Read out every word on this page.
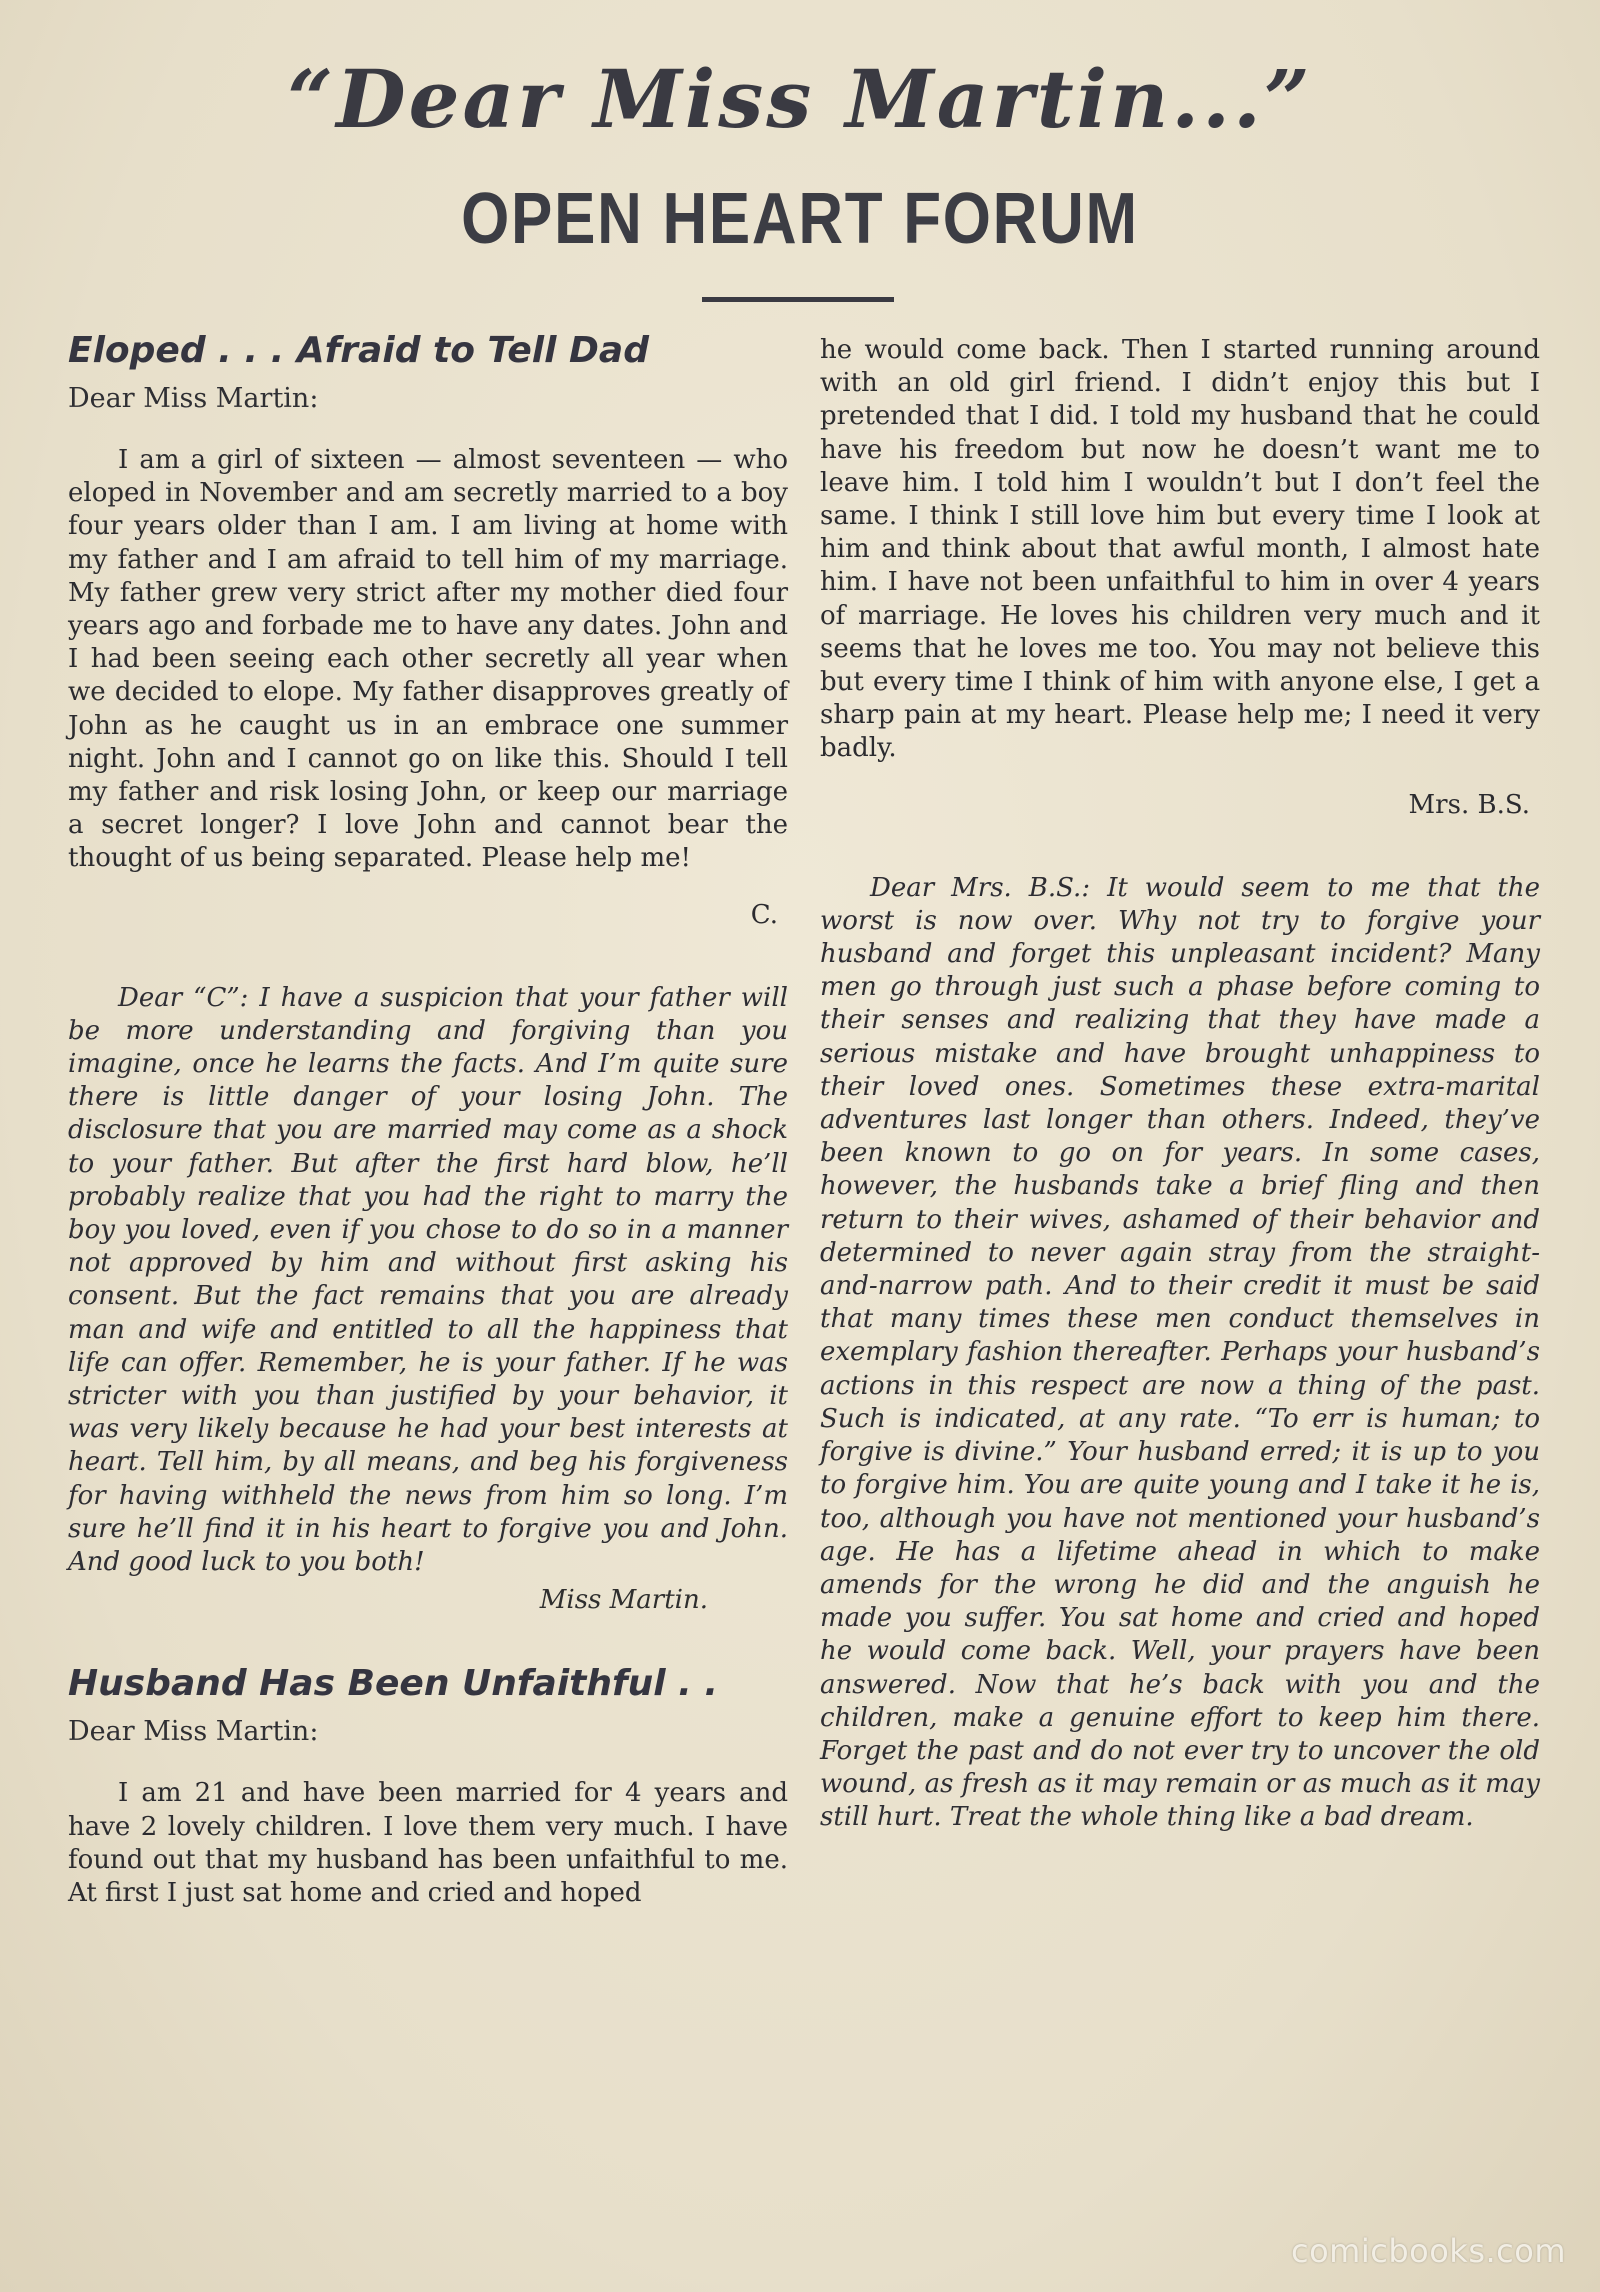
“Dear Miss Martin...”
OPEN HEART FORUM
Eloped . . . Afraid to Tell Dad
Dear Miss Martin:

I am a girl of sixteen — almost seventeen — who eloped in November and am secretly married to a boy four years older than I am. I am living at home with my father and I am afraid to tell him of my marriage. My father grew very strict after my mother died four years ago and forbade me to have any dates. John and I had been seeing each other secretly all year when we decided to elope. My father disapproves greatly of John as he caught us in an embrace one summer night. John and I cannot go on like this. Should I tell my father and risk losing John, or keep our marriage a secret longer? I love John and cannot bear the thought of us being separated. Please help me!

C.

Dear “C”: I have a suspicion that your father will be more understanding and forgiving than you imagine, once he learns the facts. And I’m quite sure there is little danger of your losing John. The disclosure that you are married may come as a shock to your father. But after the first hard blow, he’ll probably realize that you had the right to marry the boy you loved, even if you chose to do so in a manner not approved by him and without first asking his consent. But the fact remains that you are already man and wife and entitled to all the happiness that life can offer. Remember, he is your father. If he was stricter with you than justified by your behavior, it was very likely because he had your best interests at heart. Tell him, by all means, and beg his forgiveness for having withheld the news from him so long. I’m sure he’ll find it in his heart to forgive you and John. And good luck to you both!

Miss Martin.
Husband Has Been Unfaithful . .
Dear Miss Martin:

I am 21 and have been married for 4 years and have 2 lovely children. I love them very much. I have found out that my husband has been unfaithful to me. At first I just sat home and cried and hoped

he would come back. Then I started running around with an old girl friend. I didn’t enjoy this but I pretended that I did. I told my husband that he could have his freedom but now he doesn’t want me to leave him. I told him I wouldn’t but I don’t feel the same. I think I still love him but every time I look at him and think about that awful month, I almost hate him. I have not been unfaithful to him in over 4 years of marriage. He loves his children very much and it seems that he loves me too. You may not believe this but every time I think of him with anyone else, I get a sharp pain at my heart. Please help me; I need it very badly.

Mrs. B.S.

Dear Mrs. B.S.: It would seem to me that the worst is now over. Why not try to forgive your husband and forget this unpleasant incident? Many men go through just such a phase before coming to their senses and realizing that they have made a serious mistake and have brought unhappiness to their loved ones. Sometimes these extra-marital adventures last longer than others. Indeed, they’ve been known to go on for years. In some cases, however, the husbands take a brief fling and then return to their wives, ashamed of their behavior and determined to never again stray from the straight-and-narrow path. And to their credit it must be said that many times these men conduct themselves in exemplary fashion thereafter. Perhaps your husband’s actions in this respect are now a thing of the past. Such is indicated, at any rate. “To err is human; to forgive is divine.” Your husband erred; it is up to you to forgive him. You are quite young and I take it he is, too, although you have not mentioned your husband’s age. He has a lifetime ahead in which to make amends for the wrong he did and the anguish he made you suffer. You sat home and cried and hoped he would come back. Well, your prayers have been answered. Now that he’s back with you and the children, make a genuine effort to keep him there. Forget the past and do not ever try to uncover the old wound, as fresh as it may remain or as much as it may still hurt. Treat the whole thing like a bad dream.

comicbooks.com
